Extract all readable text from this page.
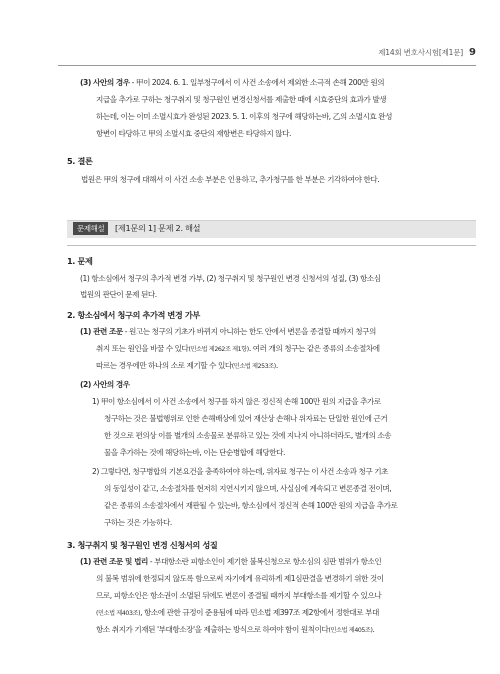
제14회 변호사시험[제1문] 9
(3) 사안의 경우 - 甲이 2024. 6. 1. 일부청구에서 이 사건 소송에서 제외한 소극적 손해 200만 원의
지급을 추가로 구하는 청구취지 및 청구원인 변경신청서를 제출한 때에 시효중단의 효과가 발생
하는데, 이는 이미 소멸시효가 완성된 2023. 5. 1. 이후의 청구에 해당하는바, 乙의 소멸시효 완성
항변이 타당하고 甲의 소멸시효 중단의 재항변은 타당하지 않다.
5. 결론
법원은 甲의 청구에 대해서 이 사건 소송 부분은 인용하고, 추가청구를 한 부분은 기각하여야 한다.
문제해설	[제1문의 1] 문제 2. 해설
1. 문제
(1) 항소심에서 청구의 추가적 변경 가부, (2) 청구취지 및 청구원인 변경 신청서의 성질, (3) 항소심
법원의 판단이 문제 된다.
2. 항소심에서 청구의 추가적 변경 가부
(1) 관련 조문 - 원고는 청구의 기초가 바뀌지 아니하는 한도 안에서 변론을 종결할 때까지 청구의
취지 또는 원인을 바꿀 수 있다(민소법 제262조 제1항). 여러 개의 청구는 같은 종류의 소송절차에
따르는 경우에만 하나의 소로 제기할 수 있다(민소법 제253조).
(2) 사안의 경우
1) 甲이 항소심에서 이 사건 소송에서 청구를 하지 않은 정신적 손해 100만 원의 지급을 추가로
청구하는 것은 불법행위로 인한 손해배상에 있어 재산상 손해나 위자료는 단일한 원인에 근거
한 것으로 편의상 이를 별개의 소송물로 분류하고 있는 것에 지나지 아니하더라도, 별개의 소송
물을 추가하는 것에 해당하는바, 이는 단순병합에 해당한다.
2) 그렇다면, 청구병합의 기본요건을 충족하여야 하는데, 위자료 청구는 이 사건 소송과 청구 기초
의 동일성이 같고, 소송절차를 현저히 지연시키지 않으며, 사실심에 계속되고 변론종결 전이며,
같은 종류의 소송절차에서 재판될 수 있는바, 항소심에서 정신적 손해 100만 원의 지급을 추가로
구하는 것은 가능하다.
3. 청구취지 및 청구원인 변경 신청서의 성질
(1) 관련 조문 및 법리 - 부대항소란 피항소인이 제기한 불복신청으로 항소심의 심판 범위가 항소인
의 불복 범위에 한정되지 않도록 함으로써 자기에게 유리하게 제1심판결을 변경하기 위한 것이
므로, 피항소인은 항소권이 소멸된 뒤에도 변론이 종결될 때까지 부대항소를 제기할 수 있으나
(민소법 제403조), 항소에 관한 규정이 준용됨에 따라 민소법 제397조 제2항에서 정한대로 부대
항소 취지가 기재된 '부대항소장'을 제출하는 방식으로 하여야 함이 원칙이다(민소법 제405조).
